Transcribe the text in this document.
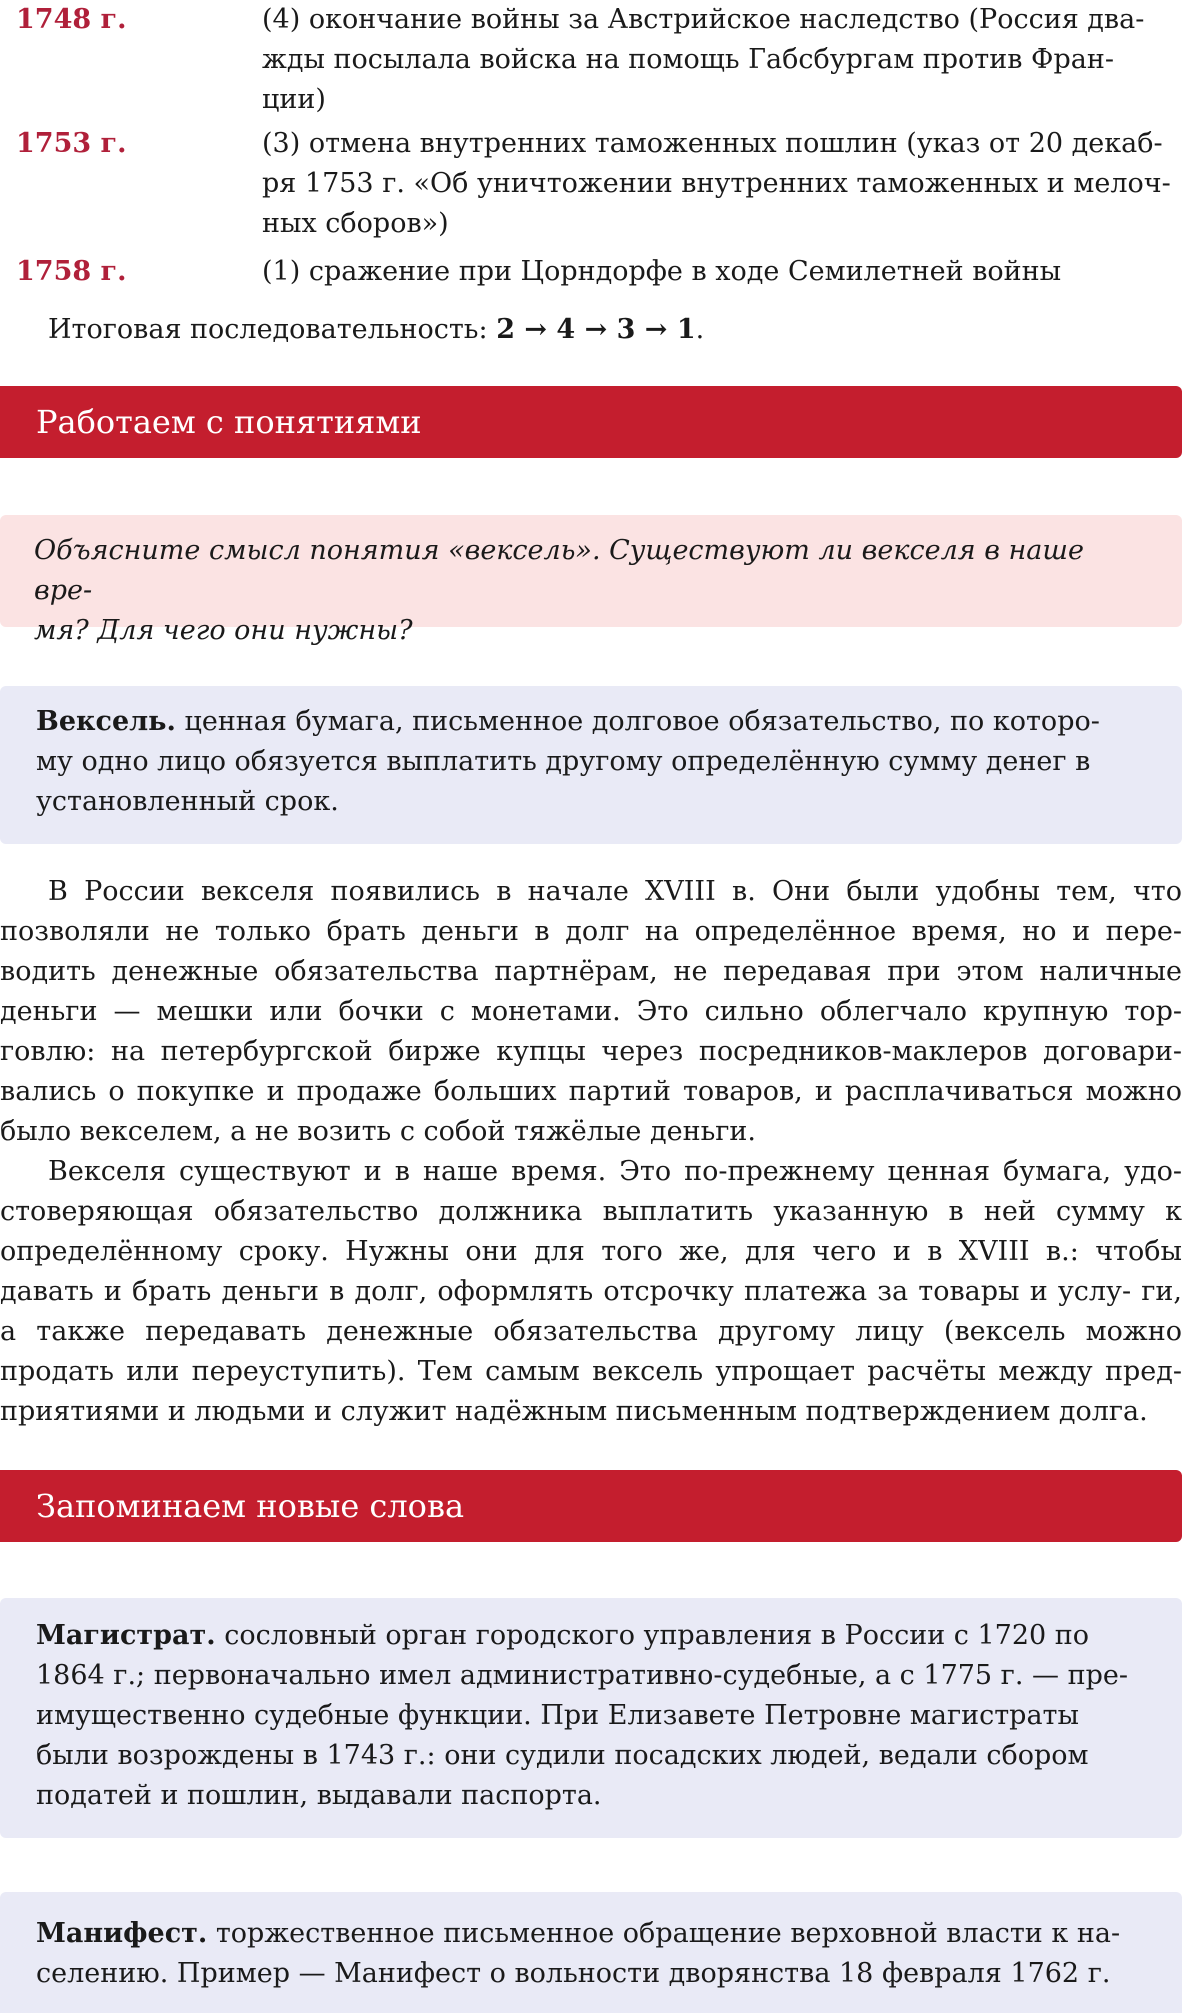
1748 г.	(4) окончание войны за Австрийское наследство (Россия два-
жды посылала войска на помощь Габсбургам против Фран-
ции)
1753 г.	(3) отмена внутренних таможенных пошлин (указ от 20 декаб-
ря 1753 г. «Об уничтожении внутренних таможенных и мелоч-
ных сборов»)
1758 г.	(1) сражение при Цорндорфе в ходе Семилетней войны
Итоговая последовательность: 2 → 4 → 3 → 1.
Работаем с понятиями

Объясните смысл понятия «вексель». Существуют ли векселя в наше вре-
мя? Для чего они нужны?

Вексель. ценная бумага, письменное долговое обязательство, по которо-
му одно лицо обязуется выплатить другому определённую сумму денег в
установленный срок.

В России векселя появились в начале XVIII в. Они были удобны тем, что позволяли не только брать деньги в долг на определённое время, но и пере- водить денежные обязательства партнёрам, не передавая при этом наличные деньги — мешки или бочки с монетами. Это сильно облегчало крупную тор- говлю: на петербургской бирже купцы через посредников-маклеров договари- вались о покупке и продаже больших партий товаров, и расплачиваться можно было векселем, а не возить с собой тяжёлые деньги.

Векселя существуют и в наше время. Это по-прежнему ценная бумага, удо- стоверяющая обязательство должника выплатить указанную в ней сумму к определённому сроку. Нужны они для того же, для чего и в XVIII в.: чтобы давать и брать деньги в долг, оформлять отсрочку платежа за товары и услу- ги, а также передавать денежные обязательства другому лицу (вексель можно продать или переуступить). Тем самым вексель упрощает расчёты между пред- приятиями и людьми и служит надёжным письменным подтверждением долга.

Запоминаем новые слова

Магистрат. сословный орган городского управления в России с 1720 по
1864 г.; первоначально имел административно-судебные, а с 1775 г. — пре-
имущественно судебные функции. При Елизавете Петровне магистраты
были возрождены в 1743 г.: они судили посадских людей, ведали сбором
податей и пошлин, выдавали паспорта.

Манифест. торжественное письменное обращение верховной власти к на-
селению. Пример — Манифест о вольности дворянства 18 февраля 1762 г.
